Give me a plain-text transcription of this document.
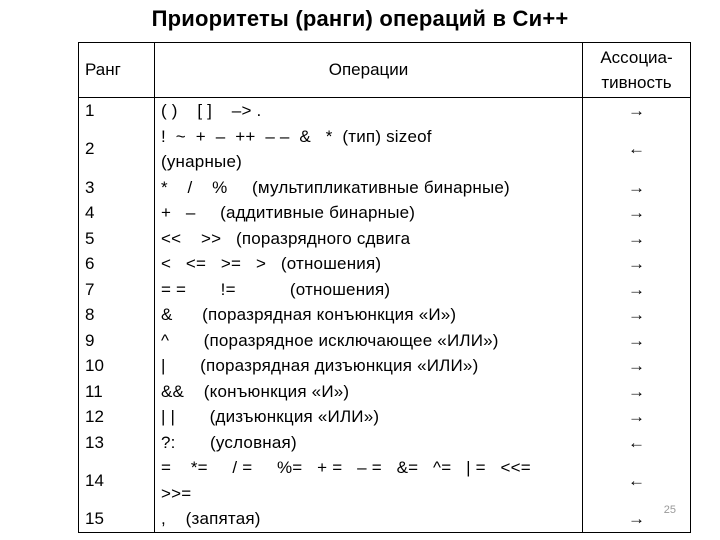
Приоритеты (ранги) операций в Си++
Ранг	Операции	Ассоциа-
тивность
1	( )    [ ]    –> .	→
2	!  ~  +  –  ++  – –  &   *  (тип) sizeof
(унарные)	←
3	*    /    %     (мультипликативные бинарные)	→
4	+   –     (аддитивные бинарные)	→
5	<<    >>   (поразрядного сдвига	→
6	<   <=   >=   >   (отношения)	→
7	= =       !=           (отношения)	→
8	&      (поразрядная конъюнкция «И»)	→
9	^       (поразрядное исключающее «ИЛИ»)	→
10	|       (поразрядная дизъюнкция «ИЛИ»)	→
11	&&    (конъюнкция «И»)	→
12	| |       (дизъюнкция «ИЛИ»)	→
13	?:       (условная)	←
14	=    *=     / =     %=   + =   – =   &=   ^=   | =   <<=
>>=	←
15	,    (запятая)	→ 25
